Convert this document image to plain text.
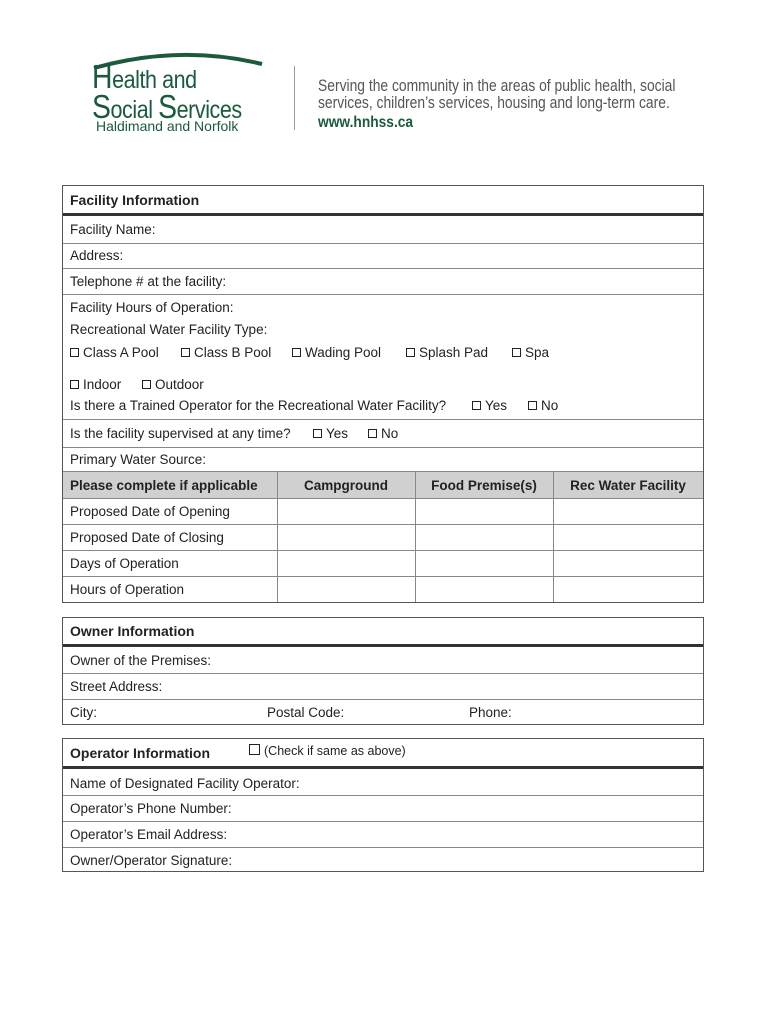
Health and
Social Services
Haldimand and Norfolk
Serving the community in the areas of public health, social
services, children’s services, housing and long-term care.
www.hnhss.ca
Facility Information
Facility Name:
Address:
Telephone # at the facility:
Facility Hours of Operation:
Recreational Water Facility Type:
Class A Pool	Class B Pool	Wading Pool	Splash Pad	Spa
Indoor	Outdoor
Is there a Trained Operator for the Recreational Water Facility?	Yes	No
Is the facility supervised at any time?	Yes	No
Primary Water Source:
Please complete if applicable	Campground	Food Premise(s)	Rec Water Facility
Proposed Date of Opening
Proposed Date of Closing
Days of Operation
Hours of Operation
Owner Information
Owner of the Premises:
Street Address:
City:	Postal Code:	Phone:
Operator Information	(Check if same as above)
Name of Designated Facility Operator:
Operator’s Phone Number:
Operator’s Email Address:
Owner/Operator Signature:
